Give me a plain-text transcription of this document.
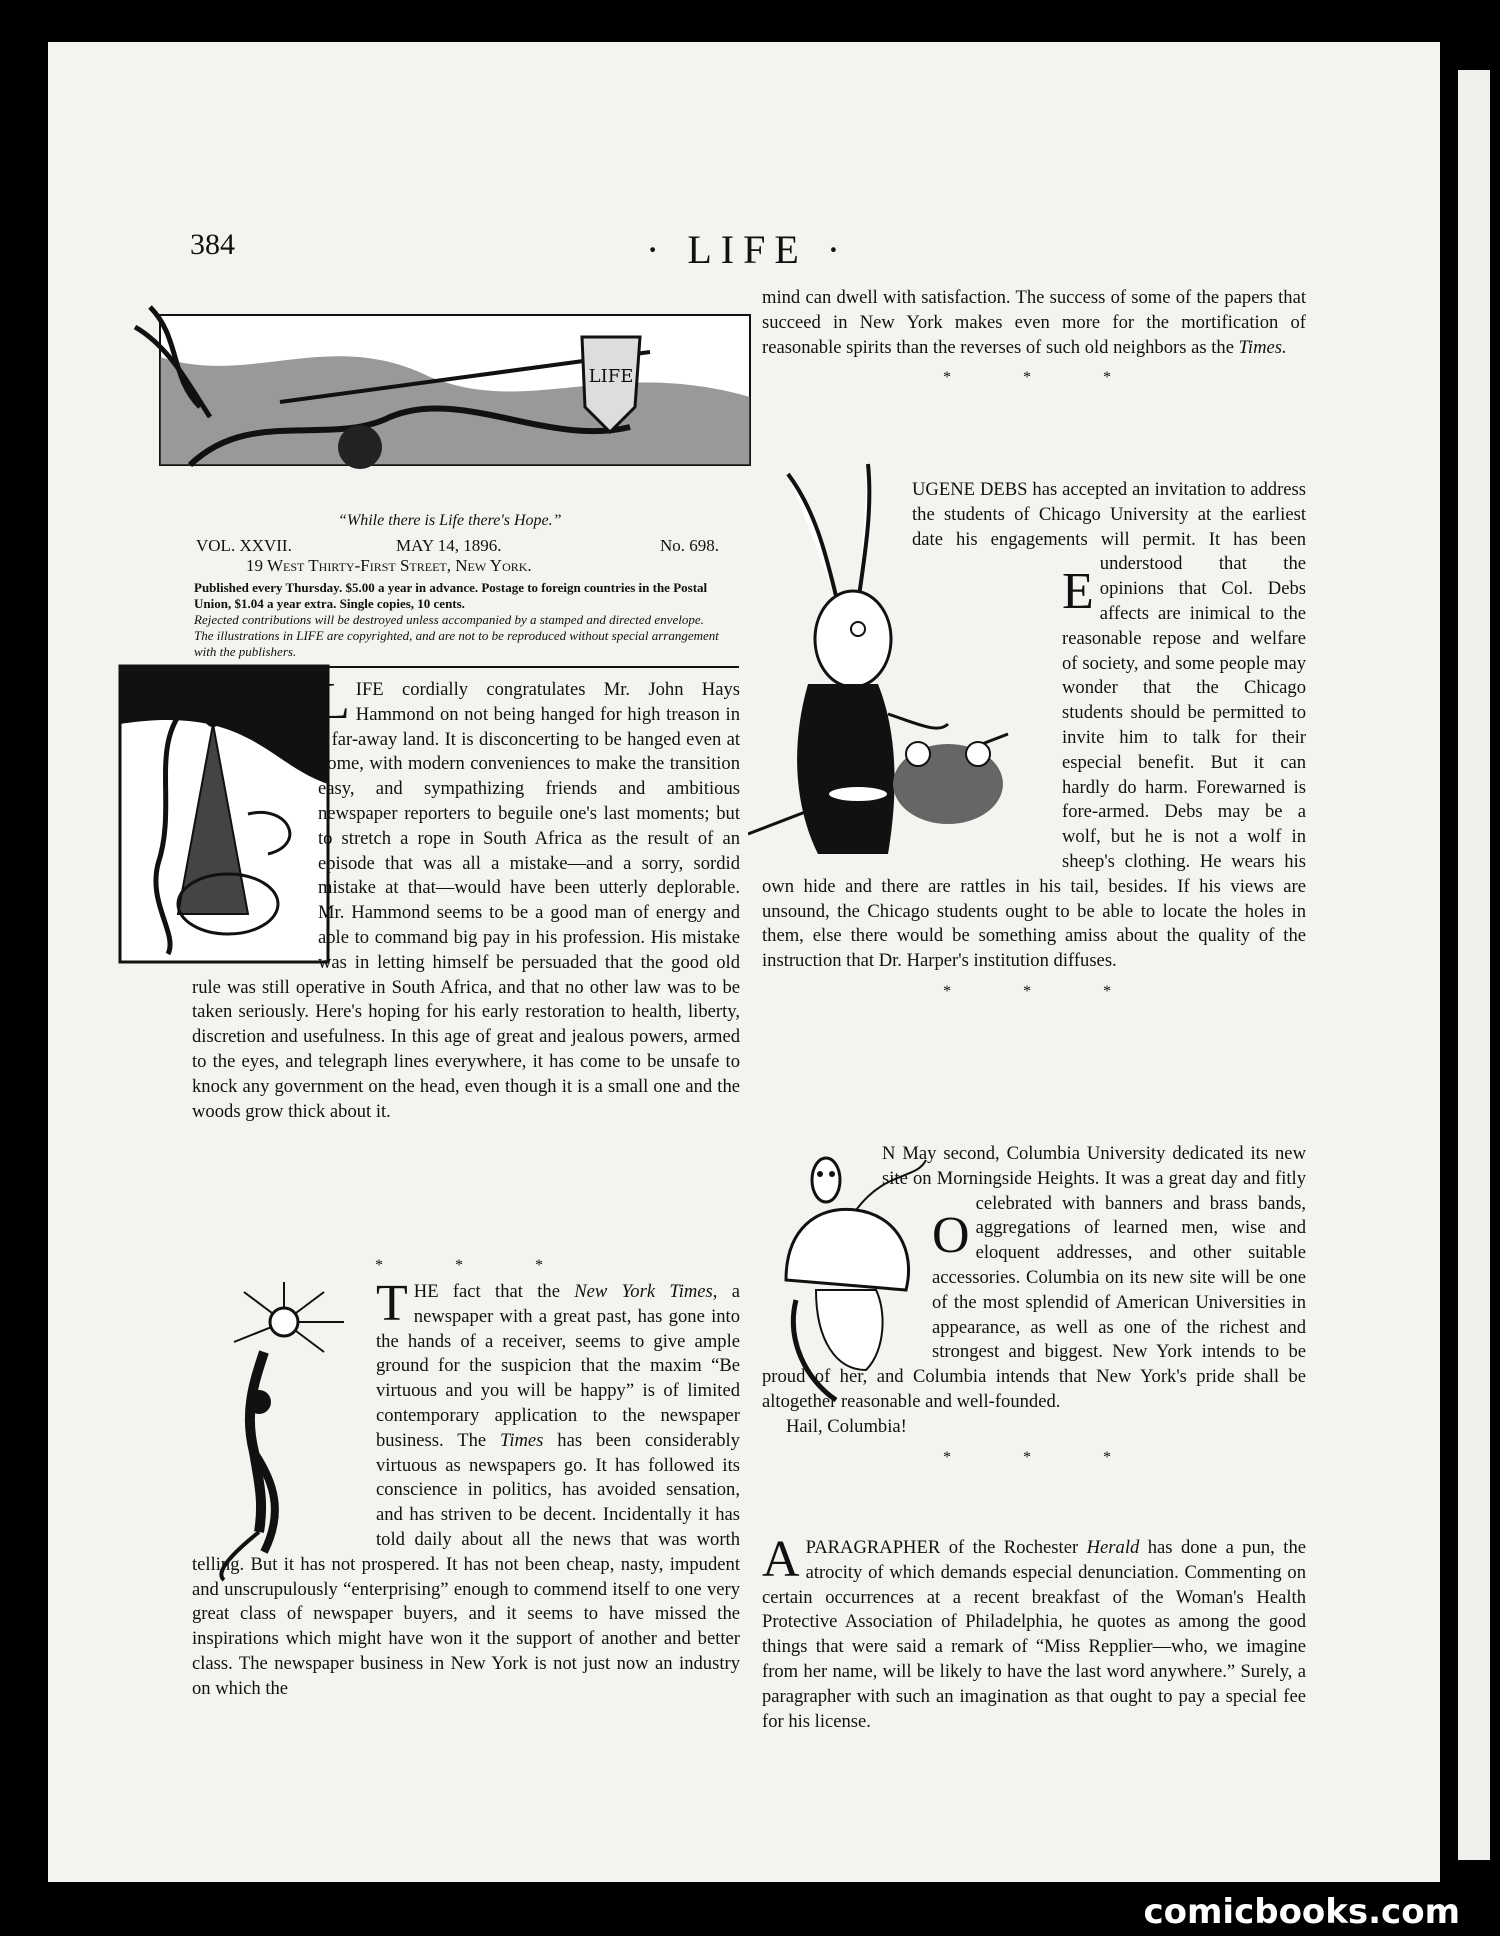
384	· LIFE ·
LIFE
“While there is Life there's Hope.”
VOL. XXVII.	MAY 14, 1896.	No. 698.
19 West Thirty-First Street, New York.
Published every Thursday. $5.00 a year in advance. Postage to foreign countries in the Postal Union, $1.04 a year extra. Single copies, 10 cents.
Rejected contributions will be destroyed unless accompanied by a stamped and directed envelope.
The illustrations in LIFE are copyrighted, and are not to be reproduced without special arrangement with the publishers.
L IFE cordially congratulates Mr. John Hays Hammond on not being hanged for high treason in a far-away land. It is disconcerting to be hanged even at home, with modern conveniences to make the transition easy, and sympathizing friends and ambitious newspaper reporters to beguile one's last moments; but to stretch a rope in South Africa as the result of an episode that was all a mistake—and a sorry, sordid mistake at that—would have been utterly deplorable. Mr. Hammond seems to be a good man of energy and able to command big pay in his profession. His mistake was in letting himself be persuaded that the good old rule was still operative in South Africa, and that no other law was to be taken seriously. Here's hoping for his early restoration to health, liberty, discretion and usefulness. In this age of great and jealous powers, armed to the eyes, and telegraph lines everywhere, it has come to be unsafe to knock any government on the head, even though it is a small one and the woods grow thick about it.
* * *
THE fact that the New York Times, a newspaper with a great past, has gone into the hands of a receiver, seems to give ample ground for the suspicion that the maxim “Be virtuous and you will be happy” is of limited contemporary application to the newspaper business. The Times has been considerably virtuous as newspapers go. It has followed its conscience in politics, has avoided sensation, and has striven to be decent. Incidentally it has told daily about all the news that was worth telling. But it has not prospered. It has not been cheap, nasty, impudent and unscrupulously “enterprising” enough to commend itself to one very great class of newspaper buyers, and it seems to have missed the inspirations which might have won it the support of another and better class. The newspaper business in New York is not just now an industry on which the
mind can dwell with satisfaction. The success of some of the papers that succeed in New York makes even more for the mortification of reasonable spirits than the reverses of such old neighbors as the Times.
* * *
E
UGENE DEBS has accepted an invitation to address the students of Chicago University at the earliest date his engagements will permit. It has been understood that the opinions that Col. Debs affects are inimical to the reasonable repose and welfare of society, and some people may wonder that the Chicago students should be permitted to invite him to talk for their especial benefit. But it can hardly do harm. Forewarned is fore-armed. Debs may be a wolf, but he is not a wolf in sheep's clothing. He wears his own hide and there are rattles in his tail, besides. If his views are unsound, the Chicago students ought to be able to locate the holes in them, else there would be something amiss about the quality of the instruction that Dr. Harper's institution diffuses.
* * *
O
N May second, Columbia University dedicated its new site on Morningside Heights. It was a great day and fitly celebrated with banners and brass bands, aggregations of learned men, wise and eloquent addresses, and other suitable accessories. Columbia on its new site will be one of the most splendid of American Universities in appearance, as well as one of the richest and strongest and biggest. New York intends to be proud of her, and Columbia intends that New York's pride shall be altogether reasonable and well-founded.

Hail, Columbia!

* * *
APARAGRAPHER of the Rochester Herald has done a pun, the atrocity of which demands especial denunciation. Commenting on certain occurrences at a recent breakfast of the Woman's Health Protective Association of Philadelphia, he quotes as among the good things that were said a remark of “Miss Repplier—who, we imagine from her name, will be likely to have the last word anywhere.” Surely, a paragrapher with such an imagination as that ought to pay a special fee for his license.
comicbooks.com
